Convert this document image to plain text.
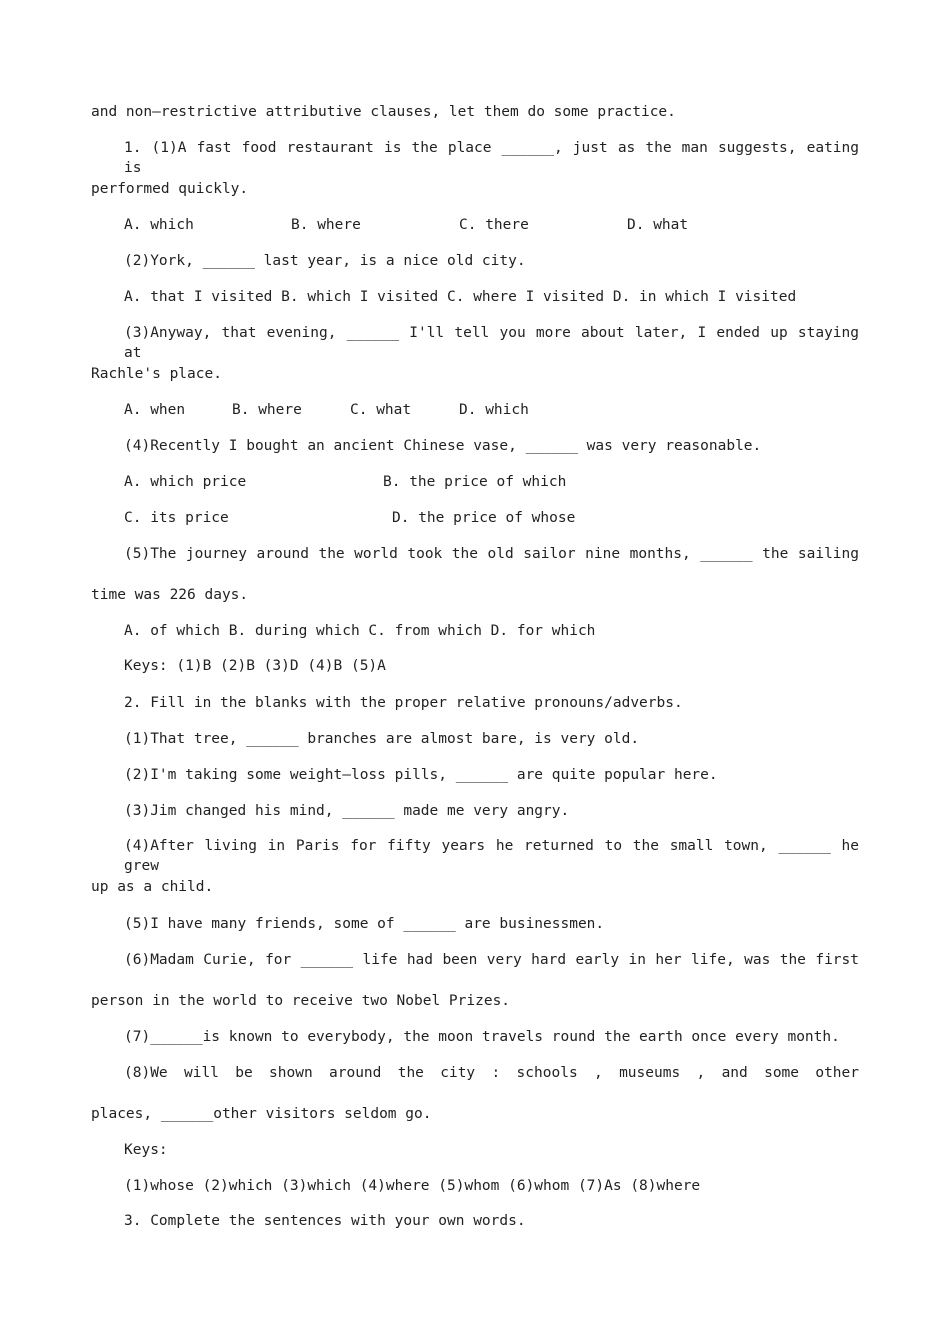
and non—restrictive attributive clauses, let them do some practice.
1. (1)A fast food restaurant is the place ______, just as the man suggests, eating is
performed quickly.
A. which	B. where	C. there	D. what
(2)York, ______ last year, is a nice old city.
A. that I visited B. which I visited C. where I visited D. in which I visited
(3)Anyway, that evening, ______ I'll tell you more about later, I ended up staying at
Rachle's place.
A. when	B. where	C. what	D. which
(4)Recently I bought an ancient Chinese vase, ______ was very reasonable.
A. which price	B. the price of which
C. its price	D. the price of whose
(5)The journey around the world took the old sailor nine months, ______ the sailing
time was 226 days.
A. of which B. during which C. from which D. for which
Keys: (1)B (2)B (3)D (4)B (5)A
2. Fill in the blanks with the proper relative pronouns/adverbs.
(1)That tree, ______ branches are almost bare, is very old.
(2)I'm taking some weight—loss pills, ______ are quite popular here.
(3)Jim changed his mind, ______ made me very angry.
(4)After living in Paris for fifty years he returned to the small town, ______ he grew
up as a child.
(5)I have many friends, some of ______ are businessmen.
(6)Madam Curie, for ______ life had been very hard early in her life, was the first
person in the world to receive two Nobel Prizes.
(7)______is known to everybody, the moon travels round the earth once every month.
(8)We will be shown around the city : schools , museums , and some other
places, ______other visitors seldom go.
Keys:
(1)whose (2)which (3)which (4)where (5)whom (6)whom (7)As (8)where
3. Complete the sentences with your own words.
